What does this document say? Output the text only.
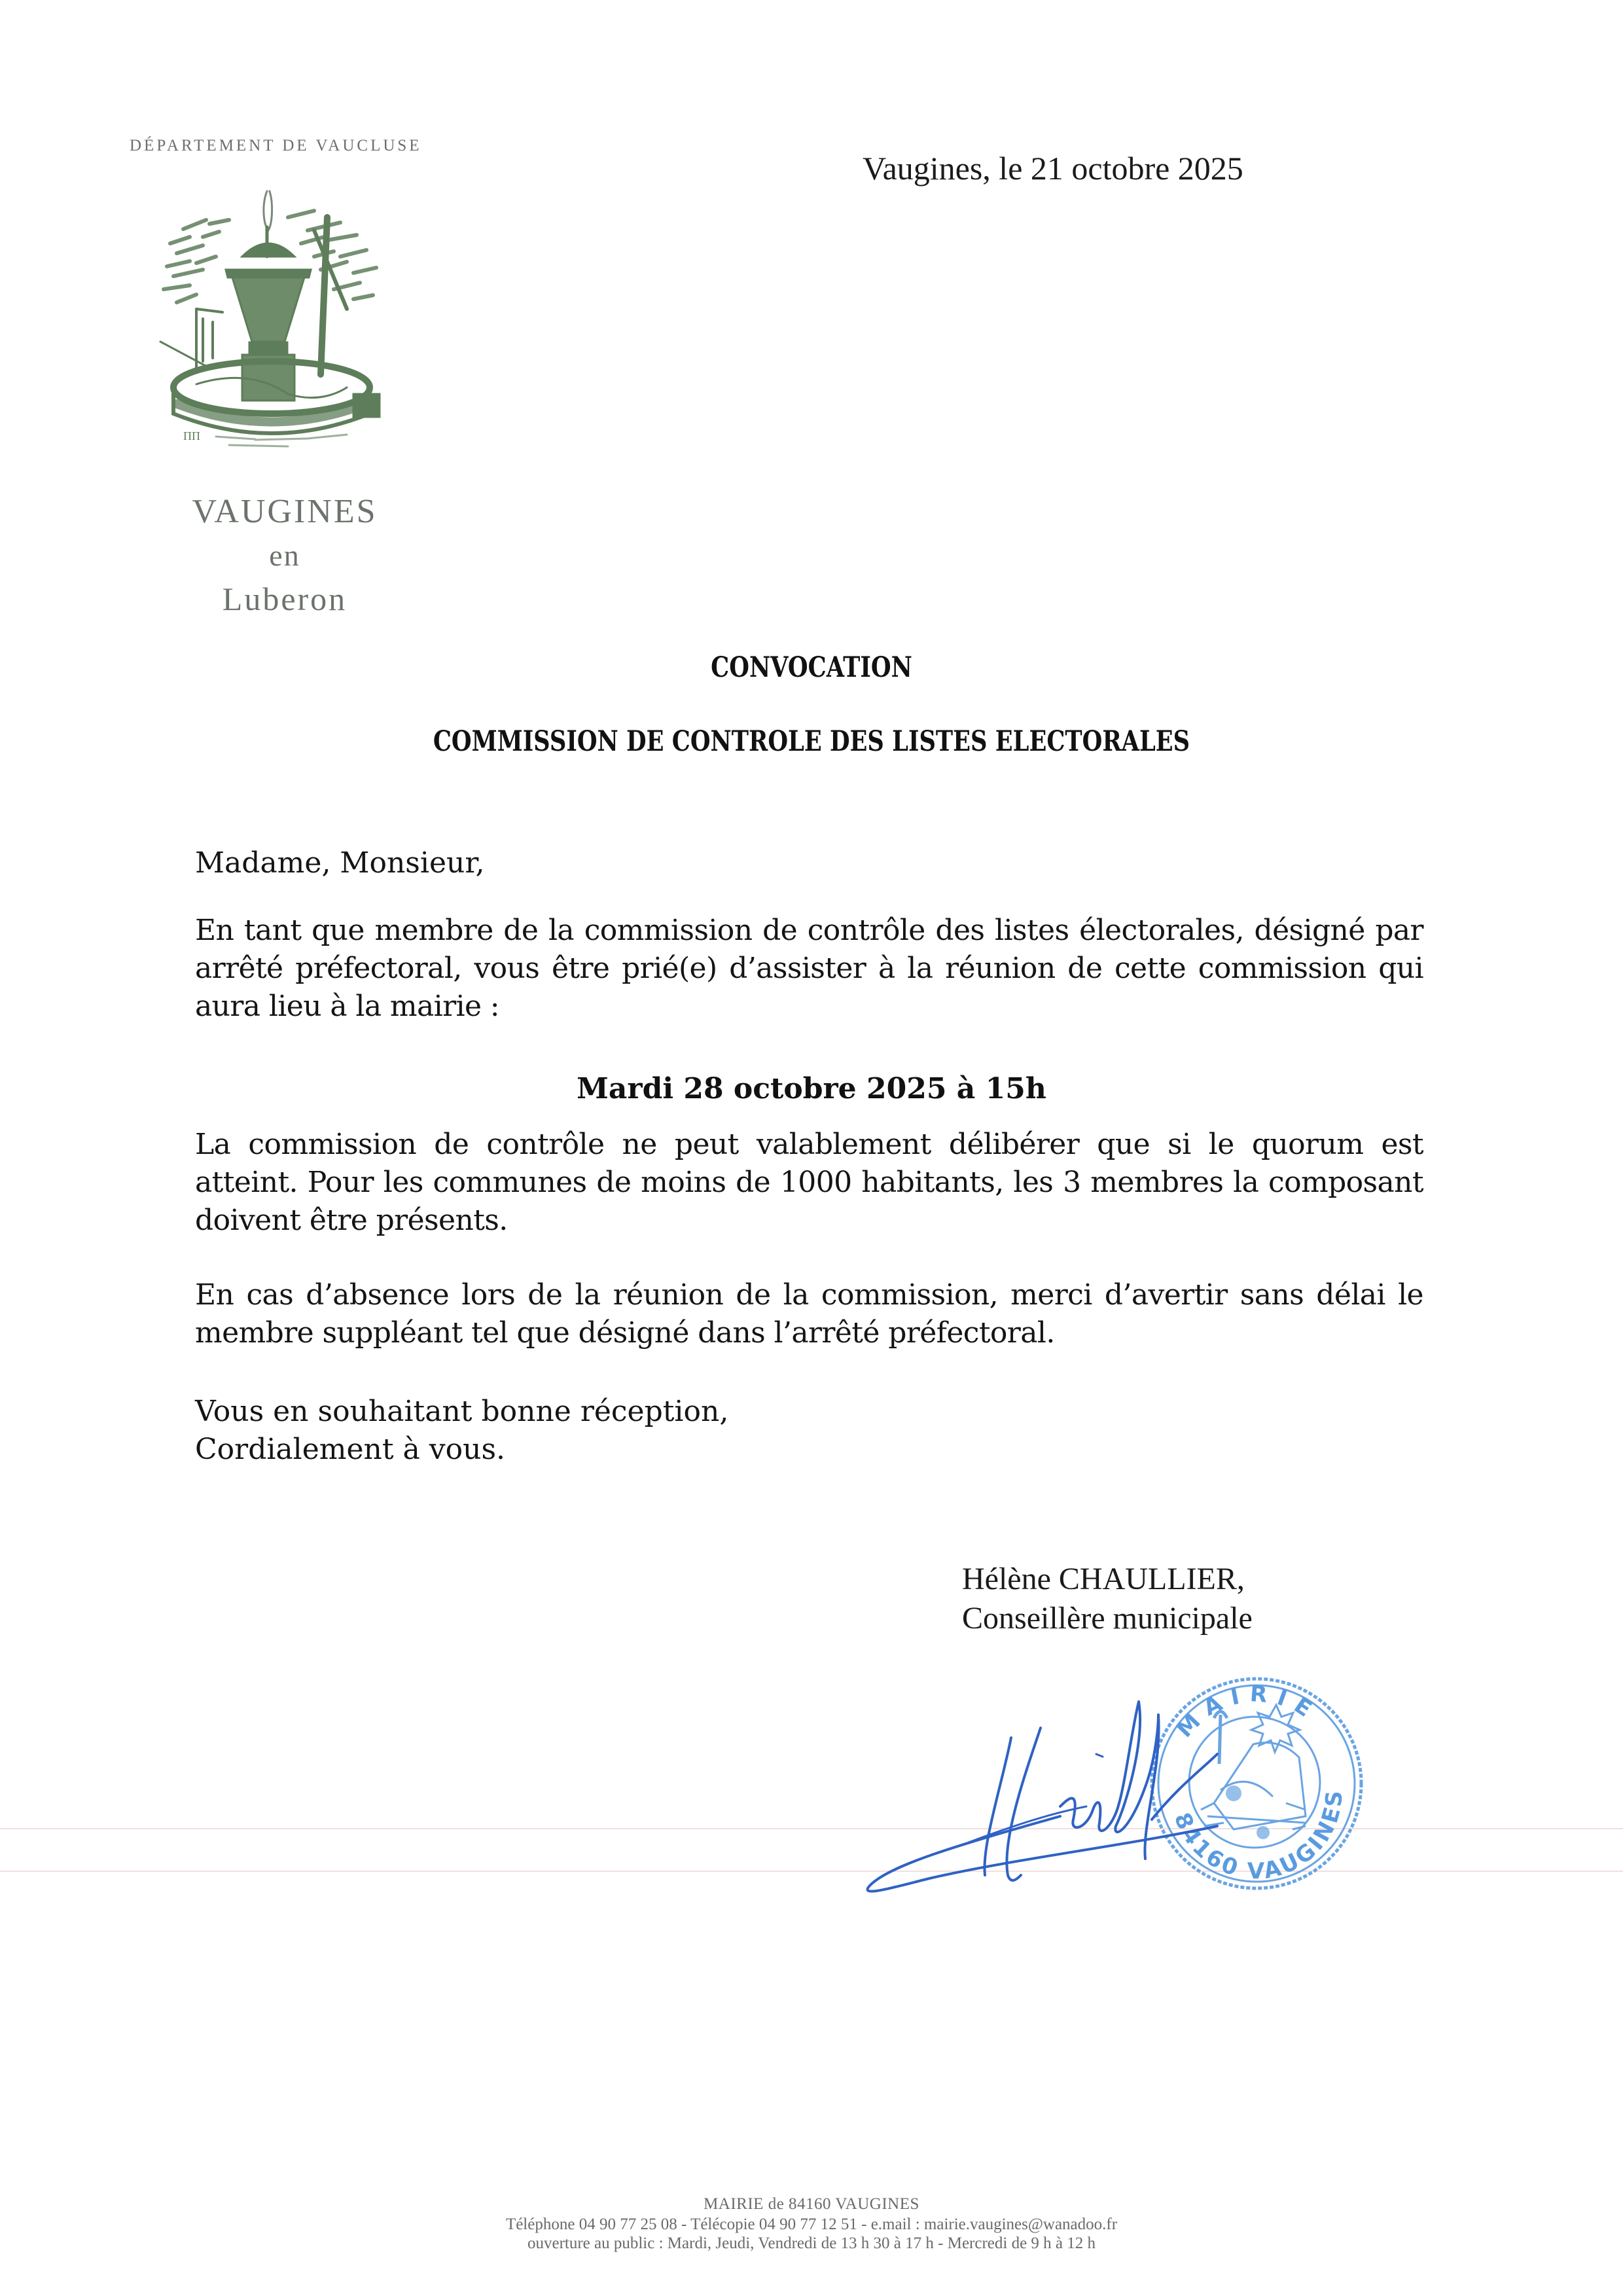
DÉPARTEMENT DE VAUCLUSE
ΠΠ
VAUGINES
en
Luberon
Vaugines, le 21 octobre 2025
CONVOCATION
COMMISSION DE CONTROLE DES LISTES ELECTORALES
Madame, Monsieur,
En tant que membre de la commission de contrôle des listes électorales, désigné par arrêté préfectoral, vous être prié(e) d’assister à la réunion de cette commission qui aura lieu à la mairie :
Mardi 28 octobre 2025 à 15h
La commission de contrôle ne peut valablement délibérer que si le quorum est atteint. Pour les communes de moins de 1000 habitants, les 3 membres la composant doivent être présents.
En cas d’absence lors de la réunion de la commission, merci d’avertir sans délai le membre suppléant tel que désigné dans l’arrêté préfectoral.
Vous en souhaitant bonne réception,
Cordialement à vous.
Hélène CHAULLIER,
Conseillère municipale
MAIRIE
84160 VAUGINES
MAIRIE de 84160 VAUGINES
Téléphone 04 90 77 25 08 - Télécopie 04 90 77 12 51 - e.mail : mairie.vaugines@wanadoo.fr
ouverture au public : Mardi, Jeudi, Vendredi de 13 h 30 à 17 h - Mercredi de 9 h à 12 h
